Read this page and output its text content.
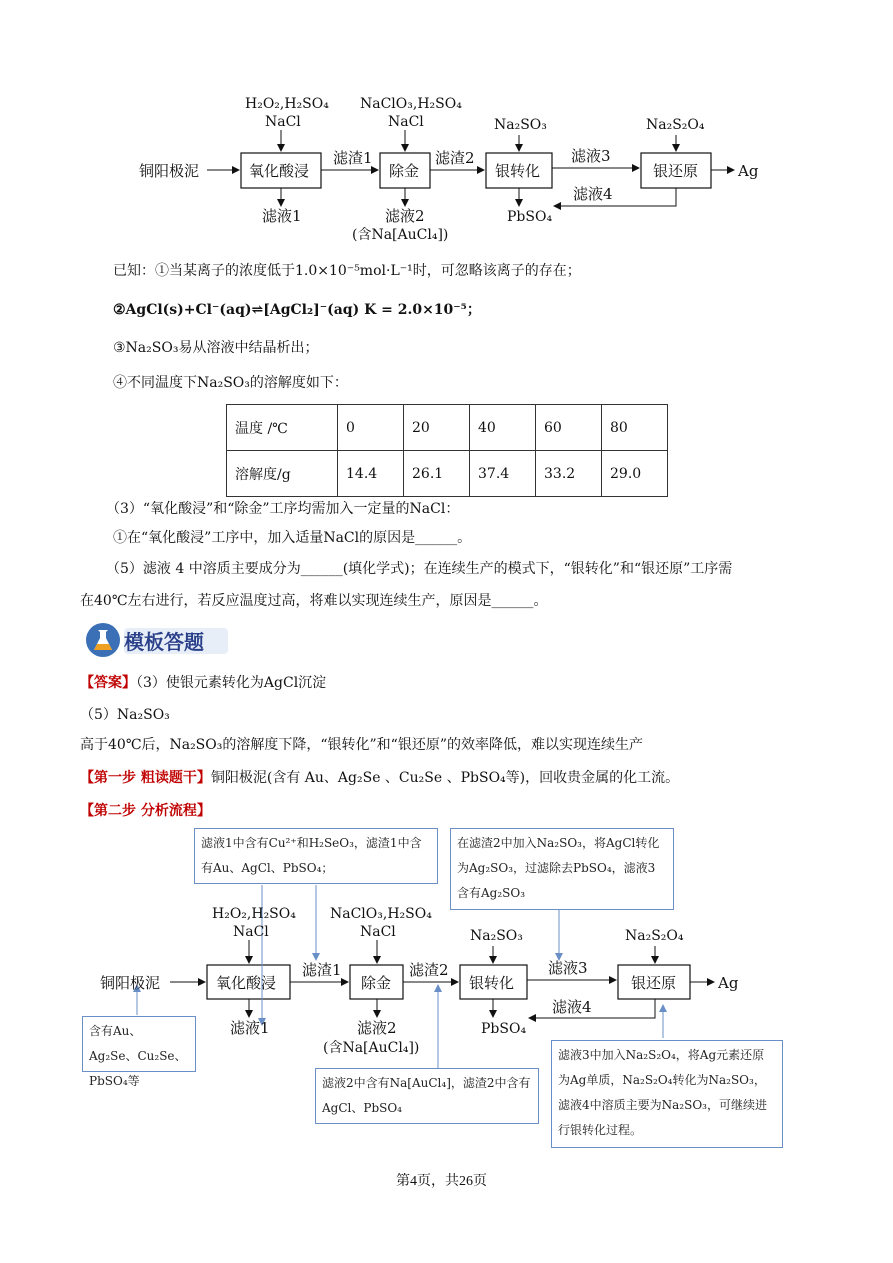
铜阳极泥	氧化酸浸	除金	银转化	银还原	Ag
H₂O₂,H₂SO₄
NaCl
NaClO₃,H₂SO₄
NaCl	Na₂SO₃	Na₂S₂O₄
滤渣1	滤渣2	滤液3
滤液4
滤液1	滤液2
(含Na[AuCl₄])
PbSO₄
已知：①当某离子的浓度低于1.0×10⁻⁵mol·L⁻¹时，可忽略该离子的存在；
②AgCl(s)+Cl⁻(aq)⇌[AgCl₂]⁻(aq) K = 2.0×10⁻⁵；
③Na₂SO₃易从溶液中结晶析出；
④不同温度下Na₂SO₃的溶解度如下：
温度 /℃	0	20	40	60	80
溶解度/g	14.4	26.1	37.4	33.2	29.0
（3）“氧化酸浸”和“除金”工序均需加入一定量的NaCl：
①在“氧化酸浸”工序中，加入适量NaCl的原因是______。
（5）滤液 4 中溶质主要成分为______(填化学式)；在连续生产的模式下，“银转化”和“银还原”工序需
在40℃左右进行，若反应温度过高，将难以实现连续生产，原因是______。
模板答题
【答案】（3）使银元素转化为AgCl沉淀
（5）Na₂SO₃
高于40℃后，Na₂SO₃的溶解度下降，“银转化”和“银还原”的效率降低，难以实现连续生产
【第一步 粗读题干】铜阳极泥(含有 Au、Ag₂Se 、Cu₂Se 、PbSO₄等)，回收贵金属的化工流。
【第二步 分析流程】
铜阳极泥	氧化酸浸	除金	银转化	银还原	Ag
H₂O₂,H₂SO₄
NaCl
NaClO₃,H₂SO₄
NaCl	Na₂SO₃	Na₂S₂O₄
滤渣1	滤渣2	滤液3
滤液4
滤液1	滤液2
(含Na[AuCl₄])
PbSO₄
滤液1中含有Cu²⁺和H₂SeO₃，滤渣1中含有Au、AgCl、PbSO₄；
在滤渣2中加入Na₂SO₃，将AgCl转化为Ag₂SO₃，过滤除去PbSO₄，滤液3含有Ag₂SO₃
含有Au、Ag₂Se、Cu₂Se、PbSO₄等	滤液2中含有Na[AuCl₄]，滤渣2中含有AgCl、PbSO₄
滤液3中加入Na₂S₂O₄，将Ag元素还原为Ag单质，Na₂S₂O₄转化为Na₂SO₃，滤液4中溶质主要为Na₂SO₃，可继续进行银转化过程。
第4页，共26页
